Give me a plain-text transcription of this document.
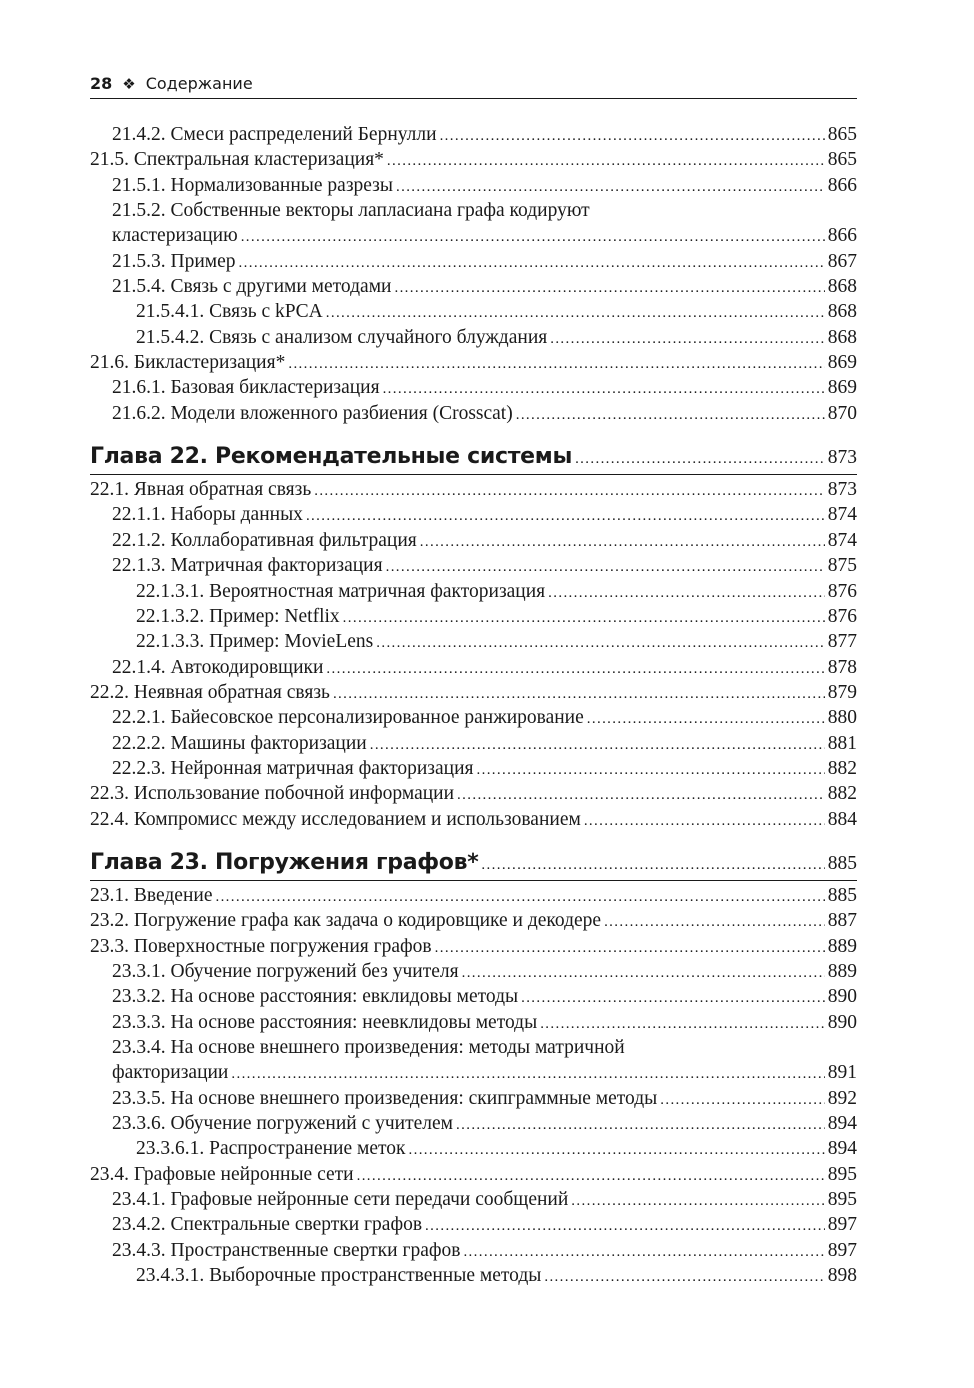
28 ❖ Содержание
21.4.2. Смеси распределений Бернулли . . .	865
21.5. Спектральная кластеризация* . . .	865
21.5.1. Нормализованные разрезы . . .	866
21.5.2. Собственные векторы лапласиана графа кодируют
кластеризацию . . .	866
21.5.3. Пример . . .	867
21.5.4. Связь с другими методами . . .	868
21.5.4.1. Связь с kPCA . . .	868
21.5.4.2. Связь с анализом случайного блуждания . . .	868
21.6. Бикластеризация* . . .	869
21.6.1. Базовая бикластеризация . . .	869
21.6.2. Модели вложенного разбиения (Crosscat) . . .	870
Глава 22. Рекомендательные системы . . .	873
22.1. Явная обратная связь . . .	873
22.1.1. Наборы данных . . .	874
22.1.2. Коллаборативная фильтрация . . .	874
22.1.3. Матричная факторизация . . .	875
22.1.3.1. Вероятностная матричная факторизация . . .	876
22.1.3.2. Пример: Netflix . . .	876
22.1.3.3. Пример: MovieLens . . .	877
22.1.4. Автокодировщики . . .	878
22.2. Неявная обратная связь . . .	879
22.2.1. Байесовское персонализированное ранжирование . . .	880
22.2.2. Машины факторизации . . .	881
22.2.3. Нейронная матричная факторизация . . .	882
22.3. Использование побочной информации . . .	882
22.4. Компромисс между исследованием и использованием . . .	884
Глава 23. Погружения графов* . . .	885
23.1. Введение . . .	885
23.2. Погружение графа как задача о кодировщике и декодере . . .	887
23.3. Поверхностные погружения графов . . .	889
23.3.1. Обучение погружений без учителя . . .	889
23.3.2. На основе расстояния: евклидовы методы . . .	890
23.3.3. На основе расстояния: неевклидовы методы . . .	890
23.3.4. На основе внешнего произведения: методы матричной
факторизации . . .	891
23.3.5. На основе внешнего произведения: скипграммные методы . . .	892
23.3.6. Обучение погружений с учителем . . .	894
23.3.6.1. Распространение меток . . .	894
23.4. Графовые нейронные сети . . .	895
23.4.1. Графовые нейронные сети передачи сообщений . . .	895
23.4.2. Спектральные свертки графов . . .	897
23.4.3. Пространственные свертки графов . . .	897
23.4.3.1. Выборочные пространственные методы . . .	898
